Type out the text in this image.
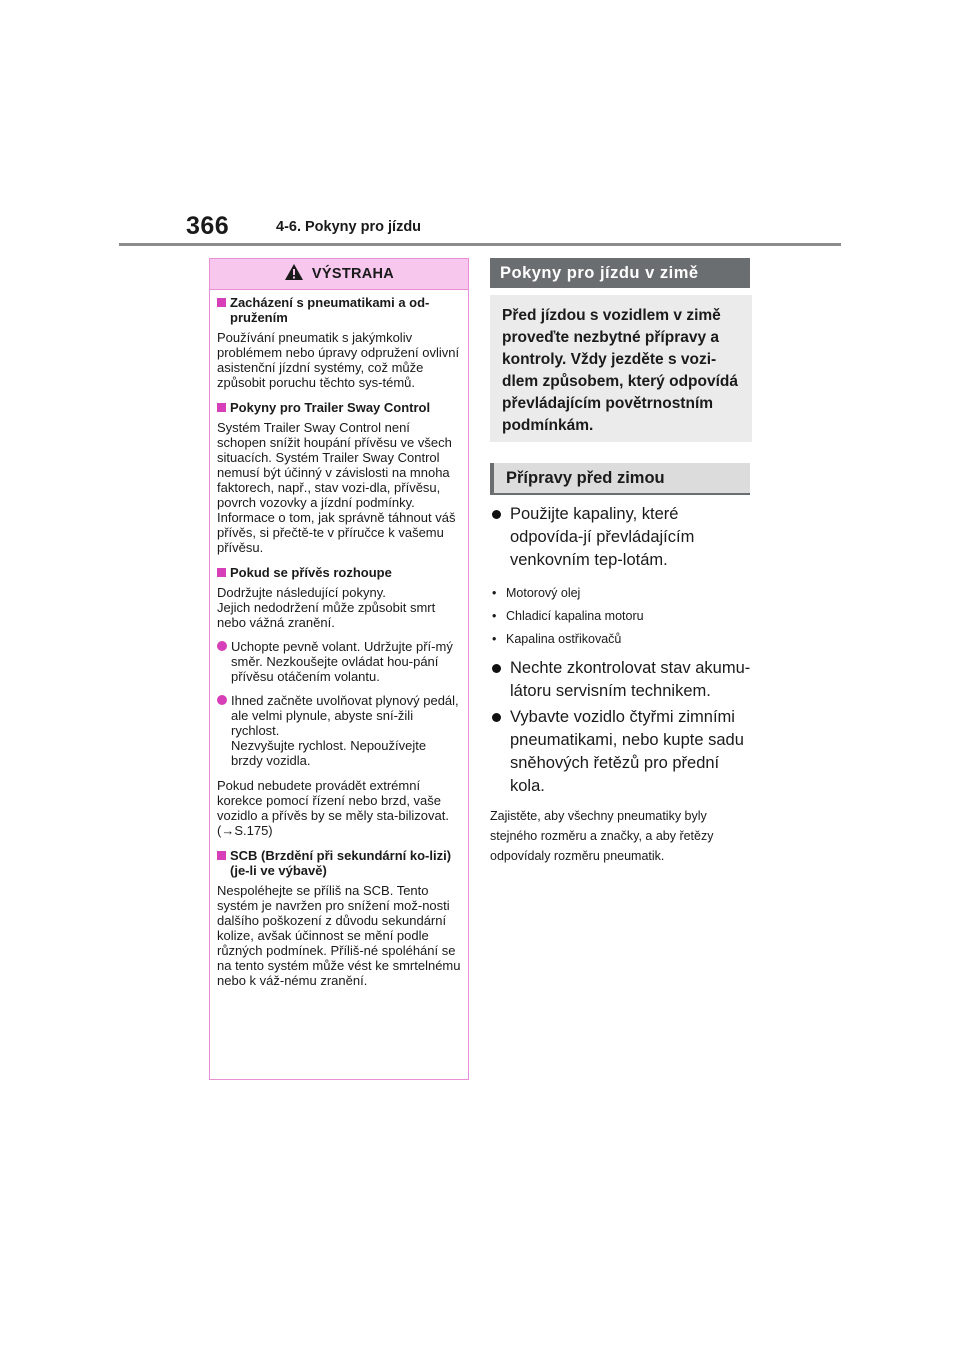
366	4-6. Pokyny pro jízdu
VÝSTRAHA
Zacházení s pneumatikami a od-pružením

Používání pneumatik s jakýmkoliv problémem nebo úpravy odpružení ovlivní asistenční jízdní systémy, což může způsobit poruchu těchto sys-témů.

Pokyny pro Trailer Sway Control

Systém Trailer Sway Control není schopen snížit houpání přívěsu ve všech situacích. Systém Trailer Sway Control nemusí být účinný v závislosti na mnoha faktorech, např., stav vozi-dla, přívěsu, povrch vozovky a jízdní podmínky. Informace o tom, jak správně táhnout váš přívěs, si přečtě-te v příručce k vašemu přívěsu.

Pokud se přívěs rozhoupe

Dodržujte následující pokyny.
Jejich nedodržení může způsobit smrt nebo vážná zranění.

Uchopte pevně volant. Udržujte pří-mý směr. Nezkoušejte ovládat hou-pání přívěsu otáčením volantu.
Ihned začněte uvolňovat plynový pedál, ale velmi plynule, abyste sní-žili rychlost.
Nezvyšujte rychlost. Nepoužívejte brzdy vozidla.

Pokud nebudete provádět extrémní korekce pomocí řízení nebo brzd, vaše vozidlo a přívěs by se měly sta-bilizovat. (→S.175)

SCB (Brzdění při sekundární ko-lizi) (je-li ve výbavě)

Nespoléhejte se příliš na SCB. Tento systém je navržen pro snížení mož-nosti dalšího poškození z důvodu sekundární kolize, avšak účinnost se mění podle různých podmínek. Příliš-né spoléhání se na tento systém může vést ke smrtelnému nebo k váž-nému zranění.

Pokyny pro jízdu v zimě
Před jízdou s vozidlem v zimě proveďte nezbytné přípravy a kontroly. Vždy jezděte s vozi-dlem způsobem, který odpovídá převládajícím povětrnostním podmínkám.
Přípravy před zimou
Použijte kapaliny, které odpovída-jí převládajícím venkovním tep-lotám.
• Motorový olej
• Chladicí kapalina motoru
• Kapalina ostřikovačů
Nechte zkontrolovat stav akumu-látoru servisním technikem.
Vybavte vozidlo čtyřmi zimními pneumatikami, nebo kupte sadu sněhových řetězů pro přední kola.
Zajistěte, aby všechny pneumatiky byly stejného rozměru a značky, a aby řetězy odpovídaly rozměru pneumatik.
